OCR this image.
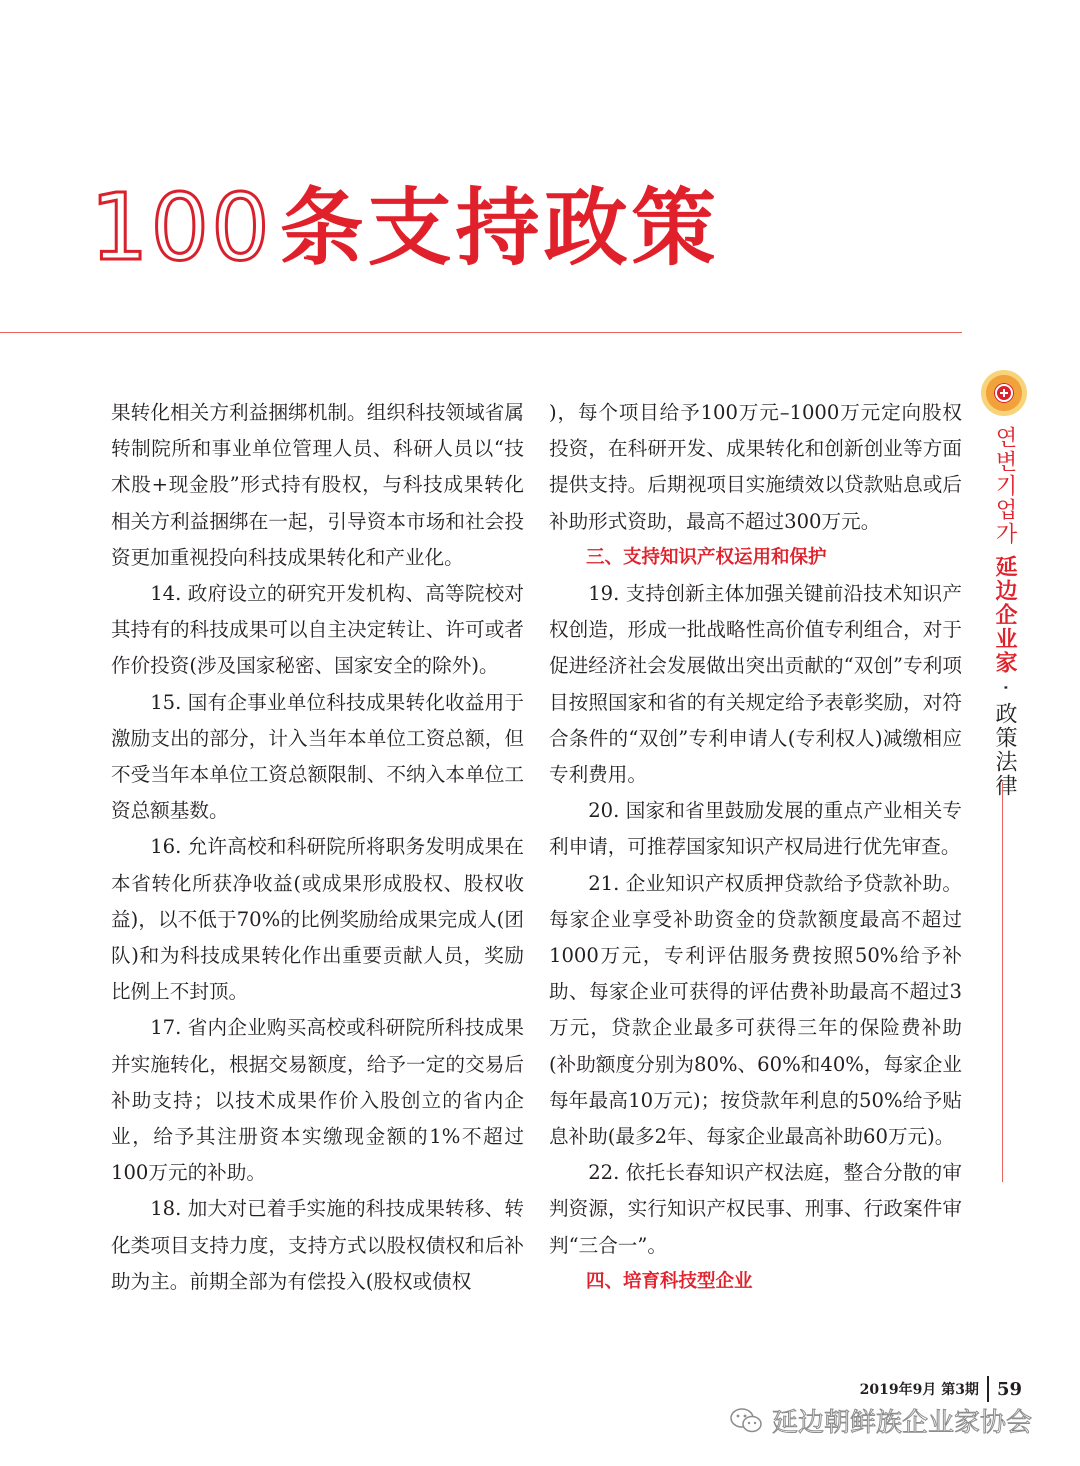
100 条支持政策

果转化相关方利益捆绑机制。组织科技领域省属转制院所和事业单位管理人员、科研人员以“技术股+现金股”形式持有股权，与科技成果转化相关方利益捆绑在一起，引导资本市场和社会投资更加重视投向科技成果转化和产业化。

14. 政府设立的研究开发机构、高等院校对其持有的科技成果可以自主决定转让、许可或者作价投资(涉及国家秘密、国家安全的除外)。

15. 国有企事业单位科技成果转化收益用于激励支出的部分，计入当年本单位工资总额，但不受当年本单位工资总额限制、不纳入本单位工资总额基数。

16. 允许高校和科研院所将职务发明成果在本省转化所获净收益(或成果形成股权、股权收益)，以不低于70%的比例奖励给成果完成人(团队)和为科技成果转化作出重要贡献人员，奖励比例上不封顶。

17. 省内企业购买高校或科研院所科技成果并实施转化，根据交易额度，给予一定的交易后补助支持；以技术成果作价入股创立的省内企业，给予其注册资本实缴现金额的1%不超过100万元的补助。

18. 加大对已着手实施的科技成果转移、转化类项目支持力度，支持方式以股权债权和后补助为主。前期全部为有偿投入(股权或债权

)，每个项目给予100万元–1000万元定向股权投资，在科研开发、成果转化和创新创业等方面提供支持。后期视项目实施绩效以贷款贴息或后补助形式资助，最高不超过300万元。

三、支持知识产权运用和保护

19. 支持创新主体加强关键前沿技术知识产权创造，形成一批战略性高价值专利组合，对于促进经济社会发展做出突出贡献的“双创”专利项目按照国家和省的有关规定给予表彰奖励，对符合条件的“双创”专利申请人(专利权人)减缴相应专利费用。

20. 国家和省里鼓励发展的重点产业相关专利申请，可推荐国家知识产权局进行优先审查。

21. 企业知识产权质押贷款给予贷款补助。每家企业享受补助资金的贷款额度最高不超过1000万元，专利评估服务费按照50%给予补助、每家企业可获得的评估费补助最高不超过3万元，贷款企业最多可获得三年的保险费补助(补助额度分别为80%、60%和40%，每家企业每年最高10万元)；按贷款年利息的50%给予贴息补助(最多2年、每家企业最高补助60万元)。

22. 依托长春知识产权法庭，整合分散的审判资源，实行知识产权民事、刑事、行政案件审判“三合一”。

四、培育科技型企业

연변기업가 延边企业家 · 政策法律
2019年9月 第3期 59
延边朝鲜族企业家协会
